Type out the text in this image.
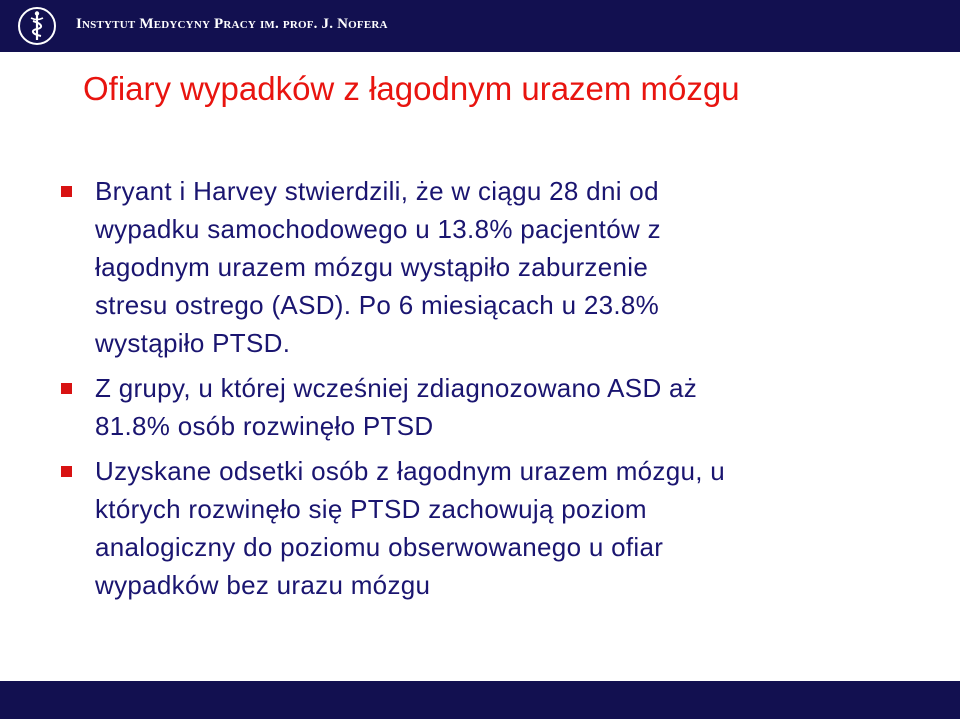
Instytut Medycyny Pracy im. prof. J. Nofera
Ofiary wypadków z łagodnym urazem mózgu
Bryant i Harvey stwierdzili, że w ciągu 28 dni od
wypadku samochodowego u 13.8% pacjentów z
łagodnym urazem mózgu wystąpiło zaburzenie
stresu ostrego (ASD). Po 6 miesiącach u 23.8%
wystąpiło PTSD.
Z grupy, u której wcześniej zdiagnozowano ASD aż
81.8% osób rozwinęło PTSD
Uzyskane odsetki osób z łagodnym urazem mózgu, u
których rozwinęło się PTSD zachowują poziom
analogiczny do poziomu obserwowanego u ofiar
wypadków bez urazu mózgu
